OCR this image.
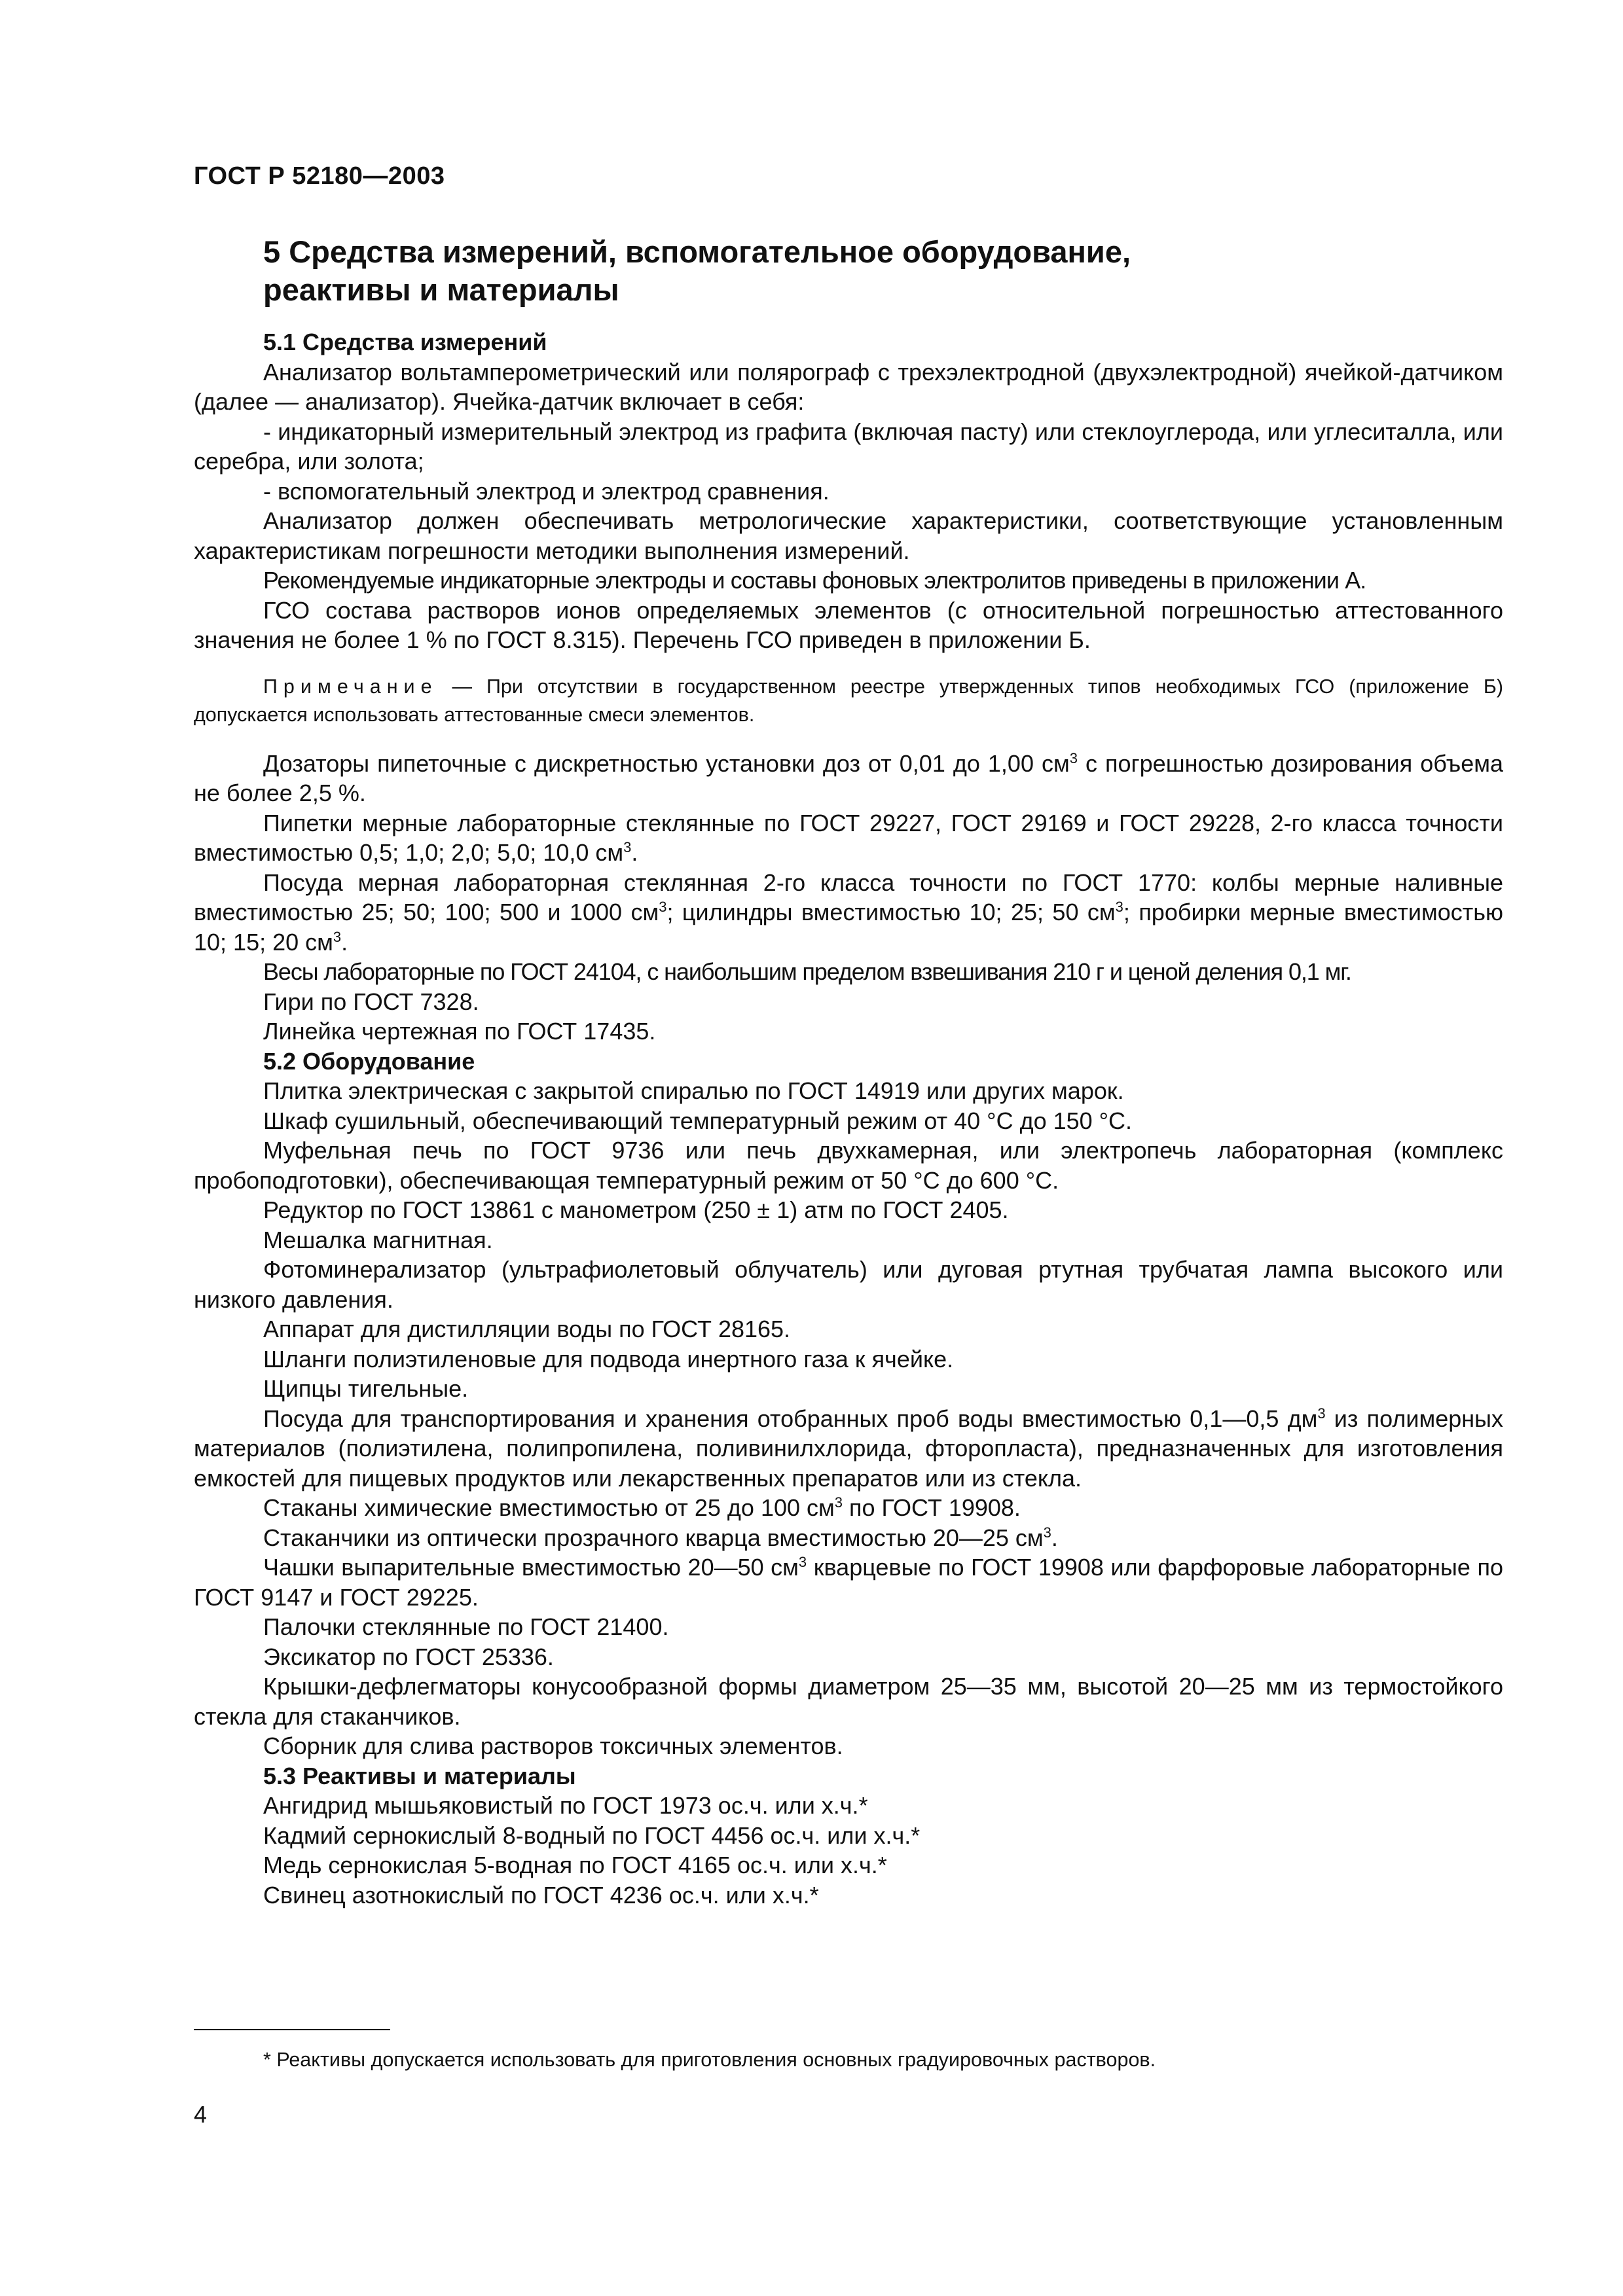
ГОСТ Р 52180—2003
5 Средства измерений, вспомогательное оборудование,
реактивы и материалы

5.1 Средства измерений

Анализатор вольтамперометрический или полярограф с трехэлектродной (двухэлектродной) ячейкой-датчиком (далее — анализатор). Ячейка-датчик включает в себя:

- индикаторный измерительный электрод из графита (включая пасту) или стеклоуглерода, или углеситалла, или серебра, или золота;

- вспомогательный электрод и электрод сравнения.

Анализатор должен обеспечивать метрологические характеристики, соответствующие установленным характеристикам погрешности методики выполнения измерений.

Рекомендуемые индикаторные электроды и составы фоновых электролитов приведены в приложении А.

ГСО состава растворов ионов определяемых элементов (с относительной погрешностью аттестованного значения не более 1 % по ГОСТ 8.315). Перечень ГСО приведен в приложении Б.

Примечание — При отсутствии в государственном реестре утвержденных типов необходимых ГСО (приложение Б) допускается использовать аттестованные смеси элементов.

Дозаторы пипеточные с дискретностью установки доз от 0,01 до 1,00 $см^3$ с погрешностью дозирования объема не более 2,5 %.

Пипетки мерные лабораторные стеклянные по ГОСТ 29227, ГОСТ 29169 и ГОСТ 29228, 2-го класса точности вместимостью 0,5; 1,0; 2,0; 5,0; 10,0 $см^3$.

Посуда мерная лабораторная стеклянная 2-го класса точности по ГОСТ 1770: колбы мерные наливные вместимостью 25; 50; 100; 500 и 1000 $см^3$; цилиндры вместимостью 10; 25; 50 $см^3$; пробирки мерные вместимостью 10; 15; 20 $см^3$.

Весы лабораторные по ГОСТ 24104, с наибольшим пределом взвешивания 210 г и ценой деления 0,1 мг.

Гири по ГОСТ 7328.

Линейка чертежная по ГОСТ 17435.

5.2 Оборудование

Плитка электрическая с закрытой спиралью по ГОСТ 14919 или других марок.

Шкаф сушильный, обеспечивающий температурный режим от 40 °С до 150 °С.

Муфельная печь по ГОСТ 9736 или печь двухкамерная, или электропечь лабораторная (комплекс пробоподготовки), обеспечивающая температурный режим от 50 °С до 600 °С.

Редуктор по ГОСТ 13861 с манометром (250 ± 1) атм по ГОСТ 2405.

Мешалка магнитная.

Фотоминерализатор (ультрафиолетовый облучатель) или дуговая ртутная трубчатая лампа высокого или низкого давления.

Аппарат для дистилляции воды по ГОСТ 28165.

Шланги полиэтиленовые для подвода инертного газа к ячейке.

Щипцы тигельные.

Посуда для транспортирования и хранения отобранных проб воды вместимостью 0,1—0,5 $дм^3$ из полимерных материалов (полиэтилена, полипропилена, поливинилхлорида, фторопласта), предназначенных для изготовления емкостей для пищевых продуктов или лекарственных препаратов или из стекла.

Стаканы химические вместимостью от 25 до 100 $см^3$ по ГОСТ 19908.

Стаканчики из оптически прозрачного кварца вместимостью 20—25 $см^3$.

Чашки выпарительные вместимостью 20—50 $см^3$ кварцевые по ГОСТ 19908 или фарфоровые лабораторные по ГОСТ 9147 и ГОСТ 29225.

Палочки стеклянные по ГОСТ 21400.

Эксикатор по ГОСТ 25336.

Крышки-дефлегматоры конусообразной формы диаметром 25—35 мм, высотой 20—25 мм из термостойкого стекла для стаканчиков.

Сборник для слива растворов токсичных элементов.

5.3 Реактивы и материалы

Ангидрид мышьяковистый по ГОСТ 1973 ос.ч. или х.ч.*

Кадмий сернокислый 8-водный по ГОСТ 4456 ос.ч. или х.ч.*

Медь сернокислая 5-водная по ГОСТ 4165 ос.ч. или х.ч.*

Свинец азотнокислый по ГОСТ 4236 ос.ч. или х.ч.*

* Реактивы допускается использовать для приготовления основных градуировочных растворов.
4
